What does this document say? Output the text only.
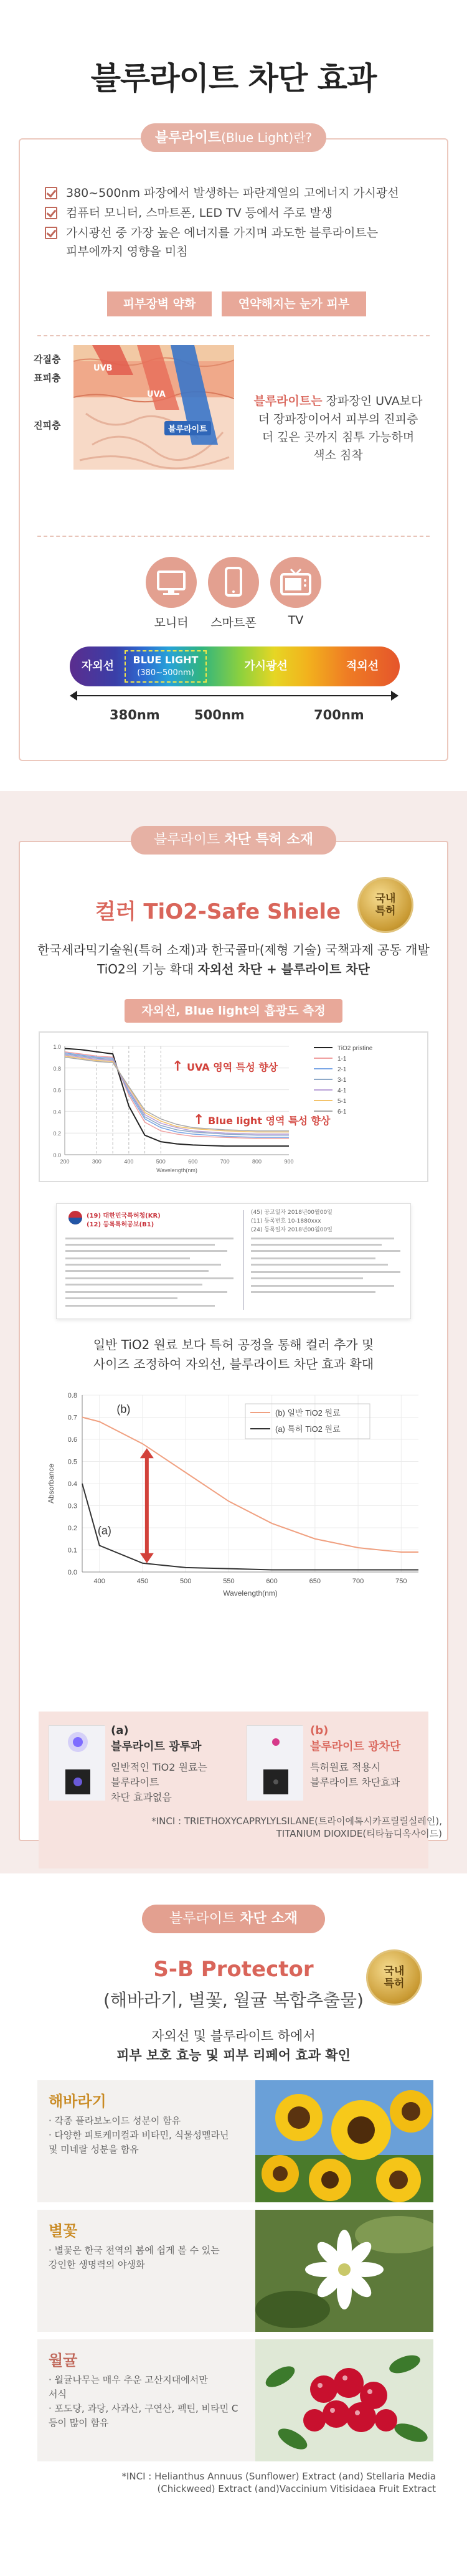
블루라이트 차단 효과
블루라이트(Blue Light)란?
380~500nm 파장에서 발생하는 파란계열의 고에너지 가시광선
컴퓨터 모니터, 스마트폰, LED TV 등에서 주로 발생
가시광선 중 가장 높은 에너지를 가지며 과도한 블루라이트는
피부에까지 영향을 미침
피부장벽 약화	연약해지는 눈가 피부
각질층
표피층
진피층
UVB
UVA
블루라이트
블루라이트는 장파장인 UVA보다
더 장파장이어서 피부의 진피층
더 깊은 곳까지 침투 가능하며
색소 침착
모니터	스마트폰	TV
자외선	BLUE LIGHT
(380~500nm)
가시광선	적외선
380nm	500nm	700nm
블루라이트 차단 특허 소재
컬러 TiO2-Safe Shiele
국내
특허
한국세라믹기술원(특허 소재)과 한국콜마(제형 기술) 국책과제 공동 개발
TiO2의 기능 확대 자외선 차단 + 블루라이트 차단
자외선, Blue light의 흡광도 측정
1.0
0.8
0.6
0.4
0.2
0.0
200	300	400	500	600	700	800	900
Wavelength(nm)
TiO2 pristine
1-1
2-1
3-1
4-1
5-1
6-1
↑ UVA 영역 특성 향상
↑ Blue light 영역 특성 향상
(19) 대한민국특허청(KR)
(12) 등록특허공보(B1)
(45) 공고일자 2018년00월00일
(11) 등록번호 10-1880xxx
(24) 등록일자 2018년00월00일
일반 TiO2 원료 보다 특허 공정을 통해 컬러 추가 및
사이즈 조정하여 자외선, 블루라이트 차단 효과 확대
0.8
0.7
0.6
0.5
0.4
0.3
0.2
0.1
0.0
400	450	500	550	600	650	700	750
Wavelength(nm)
Absorbance
(b) 일반 TiO2 원료
(a) 특허 TiO2 원료
(b)
(a)
(a)
블루라이트 광투과
일반적인 TiO2 원료는
블루라이트
차단 효과없음
(b)
블루라이트 광차단
특허원료 적용시
블루라이트 차단효과
*INCI : TRIETHOXYCAPRYLYLSILANE(트라이에톡시카프릴릴실레인),
TITANIUM DIOXIDE(티타늄디옥사이드)
블루라이트 차단 소재
S-B Protector
(해바라기, 별꽃, 월귤 복합추출물)
국내
특허
자외선 및 블루라이트 하에서
피부 보호 효능 및 피부 리페어 효과 확인
해바라기
· 각종 플라보노이드 성분이 함유
· 다양한 피토케미컬과 비타민, 식물성멜라닌
및 미네랄 성분을 함유
별꽃
· 별꽃은 한국 전역의 봄에 쉽게 볼 수 있는
강인한 생명력의 야생화
월귤
· 월귤나무는 매우 추운 고산지대에서만
서식
· 포도당, 과당, 사과산, 구연산, 펙틴, 비타민 C
등이 많이 함유
*INCI : Helianthus Annuus (Sunflower) Extract (and) Stellaria Media
(Chickweed) Extract (and)Vaccinium Vitisidaea Fruit Extract
